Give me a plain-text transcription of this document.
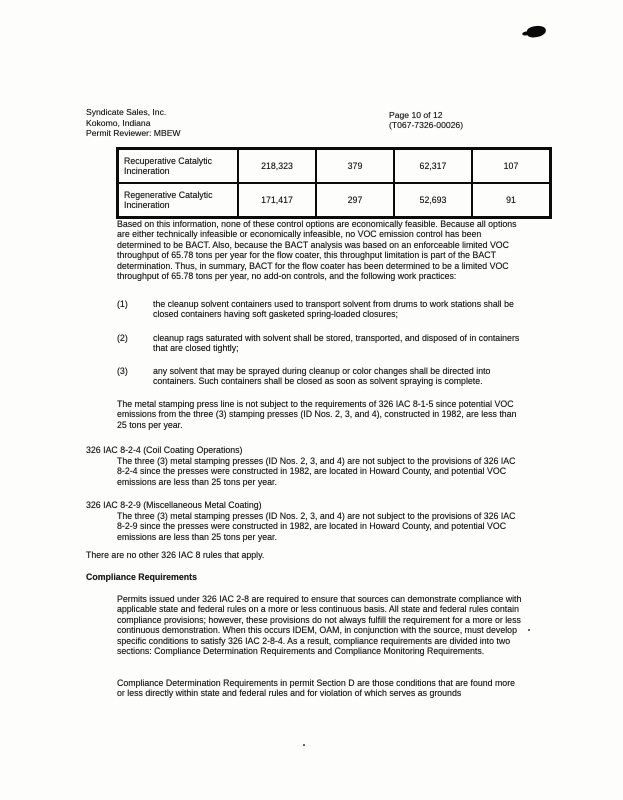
Syndicate Sales, Inc.
Kokomo, Indiana
Permit Reviewer: MBEW
Page 10 of 12
(T067-7326-00026)
Recuperative Catalytic Incineration	218,323	379	62,317	107
Regenerative Catalytic Incineration	171,417	297	52,693	91
Based on this information, none of these control options are economically feasible. Because all options are either technically infeasible or economically infeasible, no VOC emission control has been determined to be BACT. Also, because the BACT analysis was based on an enforceable limited VOC throughput of 65.78 tons per year for the flow coater, this throughput limitation is part of the BACT determination. Thus, in summary, BACT for the flow coater has been determined to be a limited VOC throughput of 65.78 tons per year, no add-on controls, and the following work practices:
(1)	the cleanup solvent containers used to transport solvent from drums to work stations shall be closed containers having soft gasketed spring-loaded closures;
(2)	cleanup rags saturated with solvent shall be stored, transported, and disposed of in containers that are closed tightly;
(3)	any solvent that may be sprayed during cleanup or color changes shall be directed into containers. Such containers shall be closed as soon as solvent spraying is complete.
The metal stamping press line is not subject to the requirements of 326 IAC 8-1-5 since potential VOC emissions from the three (3) stamping presses (ID Nos. 2, 3, and 4), constructed in 1982, are less than 25 tons per year.
326 IAC 8-2-4 (Coil Coating Operations)
The three (3) metal stamping presses (ID Nos. 2, 3, and 4) are not subject to the provisions of 326 IAC 8-2-4 since the presses were constructed in 1982, are located in Howard County, and potential VOC emissions are less than 25 tons per year.
326 IAC 8-2-9 (Miscellaneous Metal Coating)
The three (3) metal stamping presses (ID Nos. 2, 3, and 4) are not subject to the provisions of 326 IAC 8-2-9 since the presses were constructed in 1982, are located in Howard County, and potential VOC emissions are less than 25 tons per year.
There are no other 326 IAC 8 rules that apply.
Compliance Requirements
Permits issued under 326 IAC 2-8 are required to ensure that sources can demonstrate compliance with applicable state and federal rules on a more or less continuous basis. All state and federal rules contain compliance provisions; however, these provisions do not always fulfill the requirement for a more or less continuous demonstration. When this occurs IDEM, OAM, in conjunction with the source, must develop specific conditions to satisfy 326 IAC 2-8-4. As a result, compliance requirements are divided into two sections: Compliance Determination Requirements and Compliance Monitoring Requirements.
Compliance Determination Requirements in permit Section D are those conditions that are found more or less directly within state and federal rules and for violation of which serves as grounds
